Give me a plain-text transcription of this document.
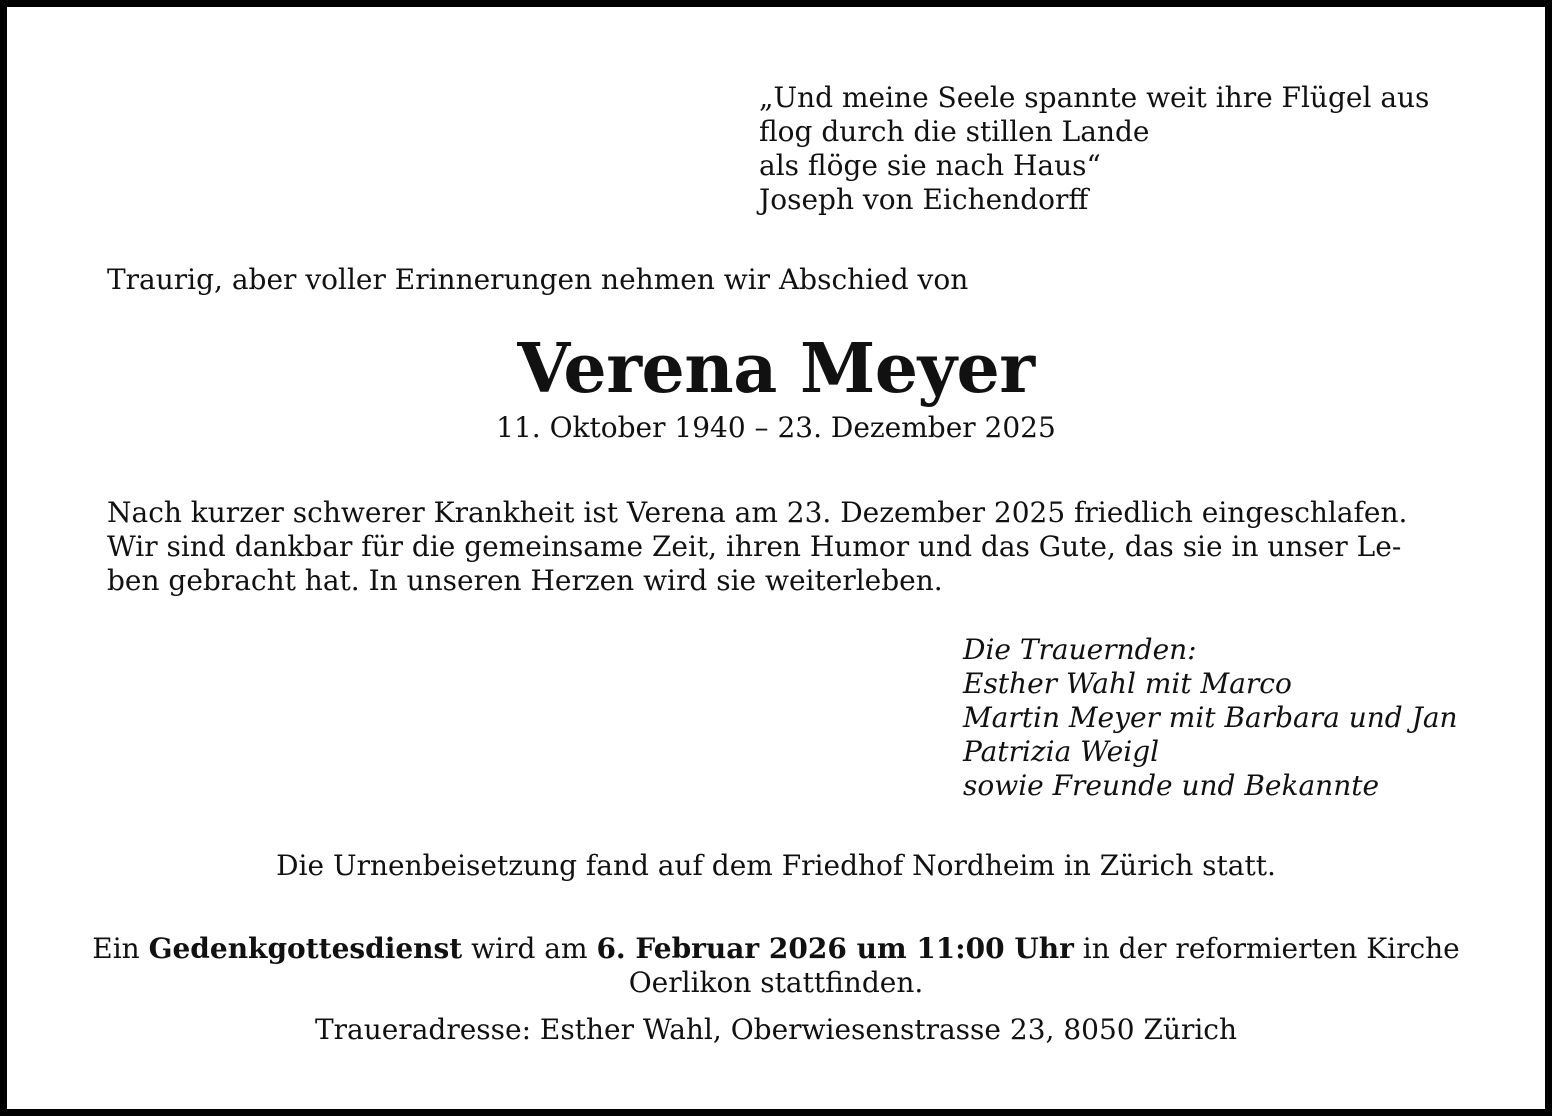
„Und meine Seele spannte weit ihre Flügel aus
flog durch die stillen Lande
als flöge sie nach Haus“
Joseph von Eichendorff
Traurig, aber voller Erinnerungen nehmen wir Abschied von
Verena Meyer
11. Oktober 1940 – 23. Dezember 2025
Nach kurzer schwerer Krankheit ist Verena am 23. Dezember 2025 friedlich eingeschlafen.
Wir sind dankbar für die gemeinsame Zeit, ihren Humor und das Gute, das sie in unser Le-
ben gebracht hat. In unseren Herzen wird sie weiterleben.
Die Trauernden:
Esther Wahl mit Marco
Martin Meyer mit Barbara und Jan
Patrizia Weigl
sowie Freunde und Bekannte
Die Urnenbeisetzung fand auf dem Friedhof Nordheim in Zürich statt.
Ein Gedenkgottesdienst wird am 6. Februar 2026 um 11:00 Uhr in der reformierten Kirche
Oerlikon stattfinden.
Traueradresse: Esther Wahl, Oberwiesenstrasse 23, 8050 Zürich
